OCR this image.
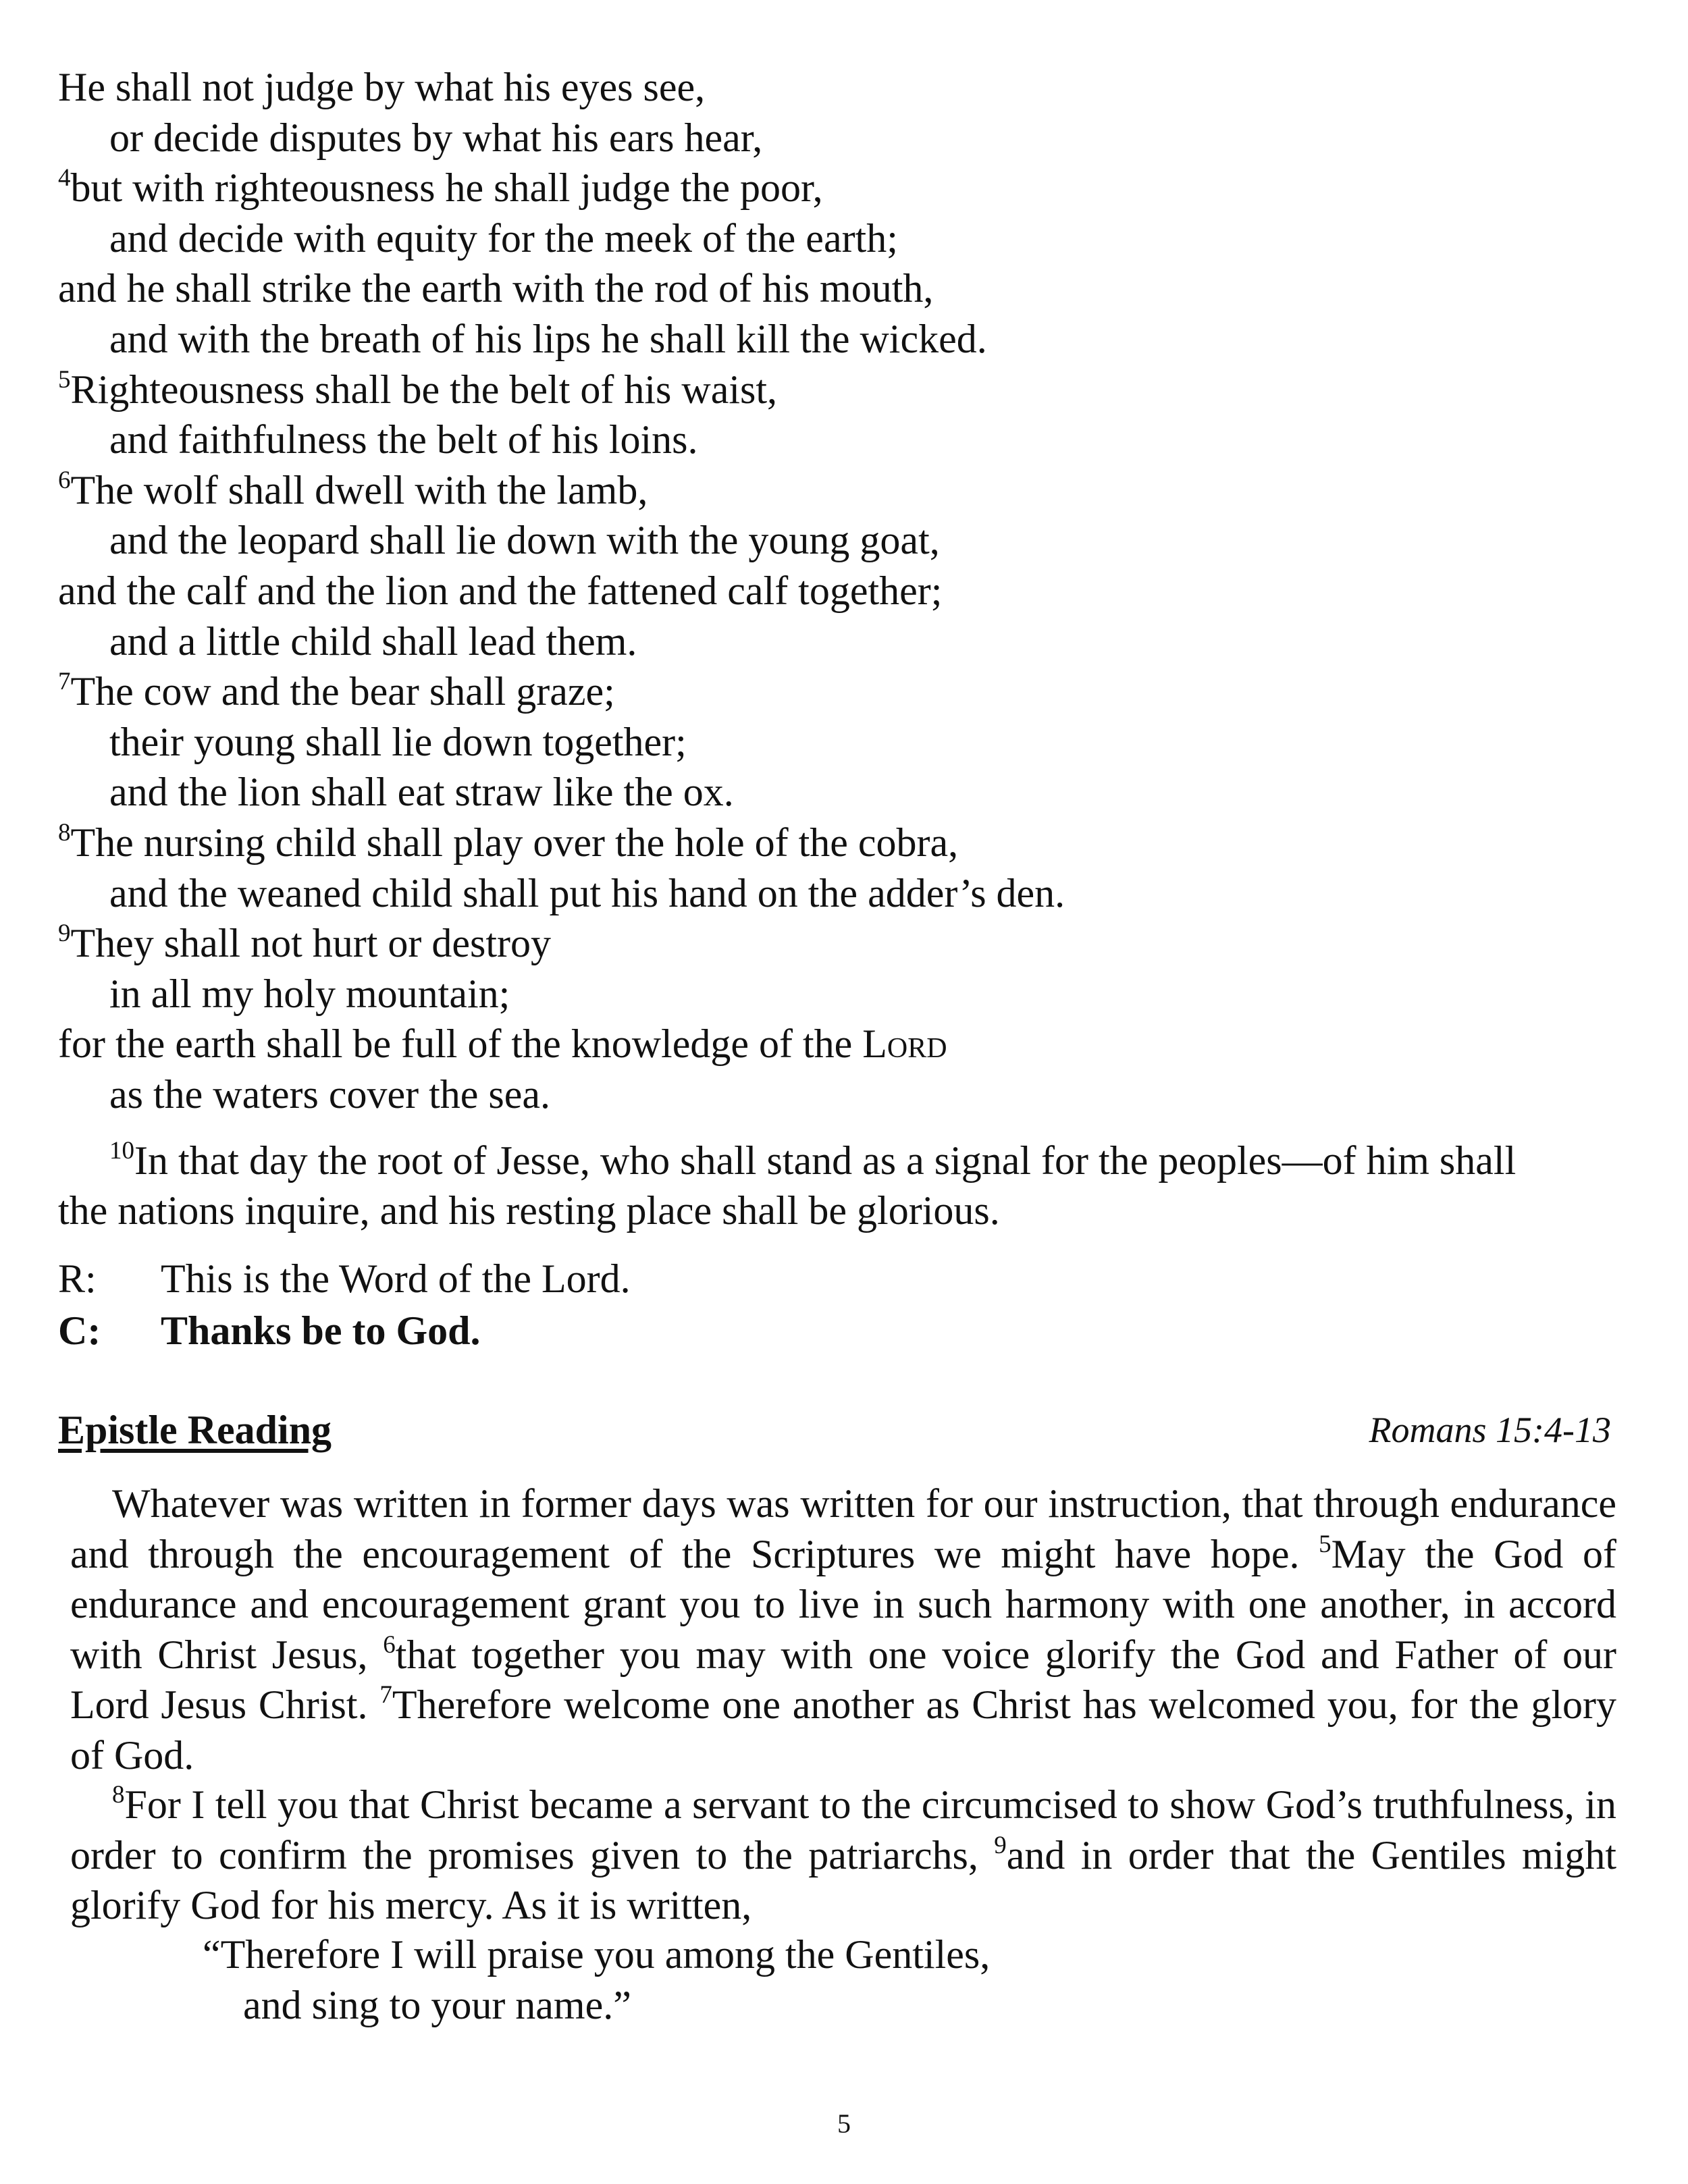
He shall not judge by what his eyes see,
or decide disputes by what his ears hear,
$^4$but with righteousness he shall judge the poor,
and decide with equity for the meek of the earth;
and he shall strike the earth with the rod of his mouth,
and with the breath of his lips he shall kill the wicked.
$^5$Righteousness shall be the belt of his waist,
and faithfulness the belt of his loins.
$^6$The wolf shall dwell with the lamb,
and the leopard shall lie down with the young goat,
and the calf and the lion and the fattened calf together;
and a little child shall lead them.
$^7$The cow and the bear shall graze;
their young shall lie down together;
and the lion shall eat straw like the ox.
$^8$The nursing child shall play over the hole of the cobra,
and the weaned child shall put his hand on the adder’s den.
$^9$They shall not hurt or destroy
in all my holy mountain;
for the earth shall be full of the knowledge of the Lord
as the waters cover the sea.
$^{10}$In that day the root of Jesse, who shall stand as a signal for the peoples—of him shall the nations inquire, and his resting place shall be glorious.
R: This is the Word of the Lord.
C: Thanks be to God.
Epistle Reading	Romans 15:4-13
Whatever was written in former days was written for our instruction, that through endurance and through the encouragement of the Scriptures we might have hope. $^5$May the God of endurance and encouragement grant you to live in such harmony with one another, in accord with Christ Jesus, $^6$that together you may with one voice glorify the God and Father of our Lord Jesus Christ. $^7$Therefore welcome one another as Christ has welcomed you, for the glory of God.
$^8$For I tell you that Christ became a servant to the circumcised to show God’s truthfulness, in order to confirm the promises given to the patriarchs, $^9$and in order that the Gentiles might glorify God for his mercy. As it is written,
“Therefore I will praise you among the Gentiles,
and sing to your name.”
5
